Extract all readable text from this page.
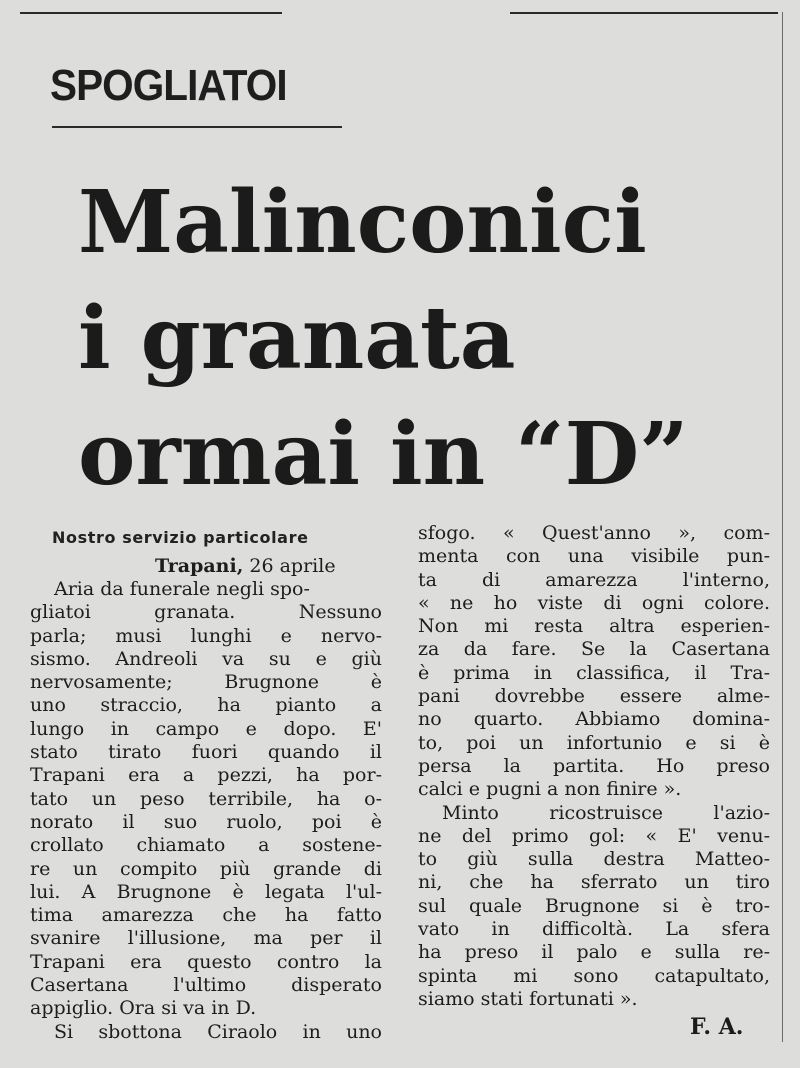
SPOGLIATOI
Malinconici
i granata
ormai in “D”
Nostro servizio particolare
Trapani, 26 aprile
Aria da funerale negli spo-
gliatoi granata. Nessuno
parla; musi lunghi e nervo-
sismo. Andreoli va su e giù
nervosamente; Brugnone è
uno straccio, ha pianto a
lungo in campo e dopo. E'
stato tirato fuori quando il
Trapani era a pezzi, ha por-
tato un peso terribile, ha o-
norato il suo ruolo, poi è
crollato chiamato a sostene-
re un compito più grande di
lui. A Brugnone è legata l'ul-
tima amarezza che ha fatto
svanire l'illusione, ma per il
Trapani era questo contro la
Casertana l'ultimo disperato
appiglio. Ora si va in D.
Si sbottona Ciraolo in uno
sfogo. « Quest'anno », com-
menta con una visibile pun-
ta di amarezza l'interno,
« ne ho viste di ogni colore.
Non mi resta altra esperien-
za da fare. Se la Casertana
è prima in classifica, il Tra-
pani dovrebbe essere alme-
no quarto. Abbiamo domina-
to, poi un infortunio e si è
persa la partita. Ho preso
calci e pugni a non finire ».
Minto ricostruisce l'azio-
ne del primo gol: « E' venu-
to giù sulla destra Matteo-
ni, che ha sferrato un tiro
sul quale Brugnone si è tro-
vato in difficoltà. La sfera
ha preso il palo e sulla re-
spinta mi sono catapultato,
siamo stati fortunati ».
F. A.
